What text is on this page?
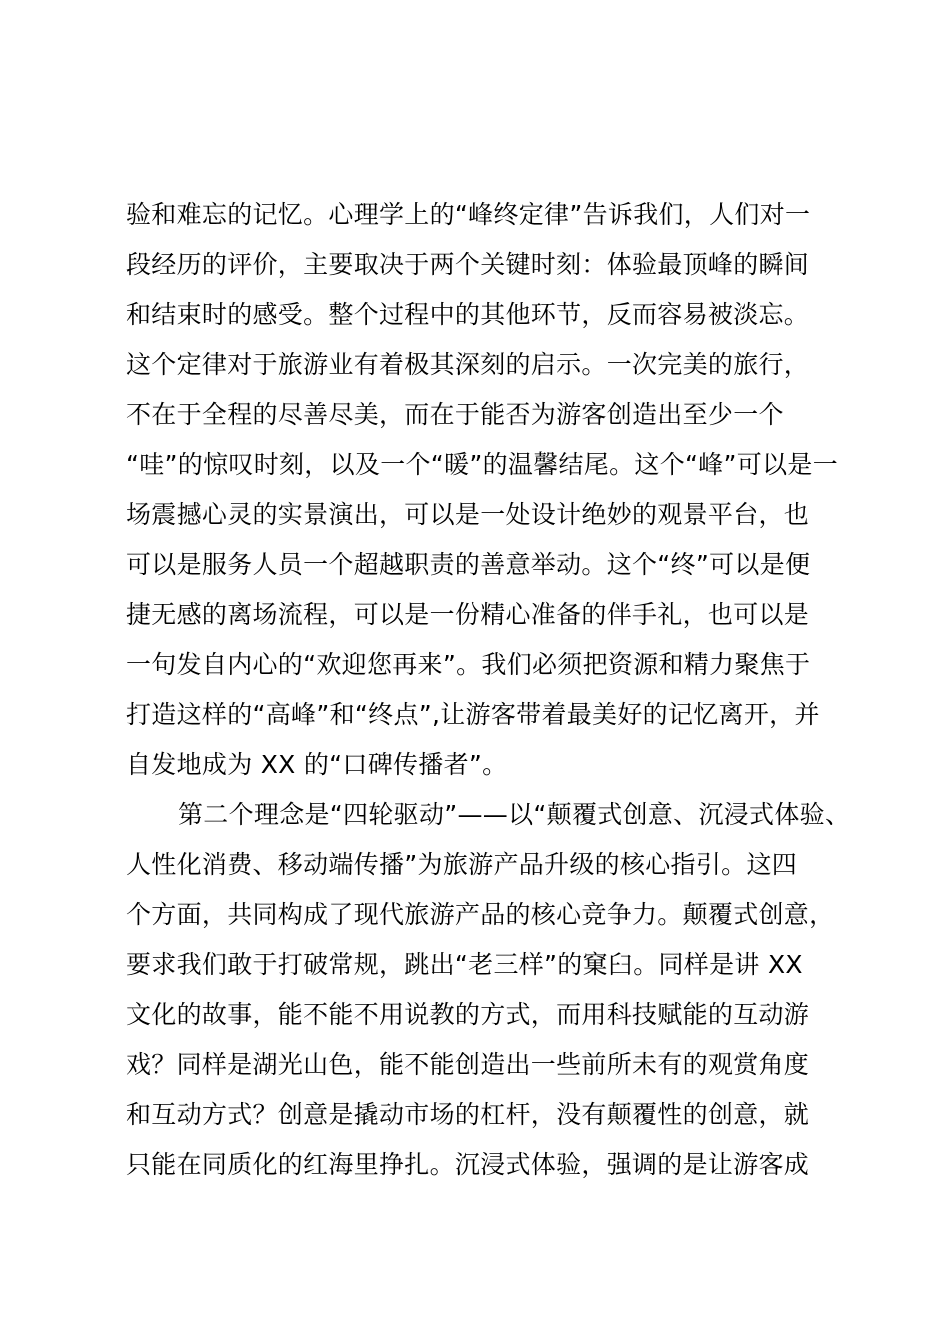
验和难忘的记忆。心理学上的“峰终定律”告诉我们，人们对一
段经历的评价，主要取决于两个关键时刻：体验最顶峰的瞬间
和结束时的感受。整个过程中的其他环节，反而容易被淡忘。
这个定律对于旅游业有着极其深刻的启示。一次完美的旅行，
不在于全程的尽善尽美，而在于能否为游客创造出至少一个
“哇”的惊叹时刻，以及一个“暖”的温馨结尾。这个“峰”可以是一
场震撼心灵的实景演出，可以是一处设计绝妙的观景平台，也
可以是服务人员一个超越职责的善意举动。这个“终”可以是便
捷无感的离场流程，可以是一份精心准备的伴手礼，也可以是
一句发自内心的“欢迎您再来”。我们必须把资源和精力聚焦于
打造这样的“高峰”和“终点”,让游客带着最美好的记忆离开，并
自发地成为 XX 的“口碑传播者”。
第二个理念是“四轮驱动”——以“颠覆式创意、沉浸式体验、
人性化消费、移动端传播”为旅游产品升级的核心指引。这四
个方面，共同构成了现代旅游产品的核心竞争力。颠覆式创意，
要求我们敢于打破常规，跳出“老三样”的窠臼。同样是讲 XX
文化的故事，能不能不用说教的方式，而用科技赋能的互动游
戏？同样是湖光山色，能不能创造出一些前所未有的观赏角度
和互动方式？创意是撬动市场的杠杆，没有颠覆性的创意，就
只能在同质化的红海里挣扎。沉浸式体验，强调的是让游客成
